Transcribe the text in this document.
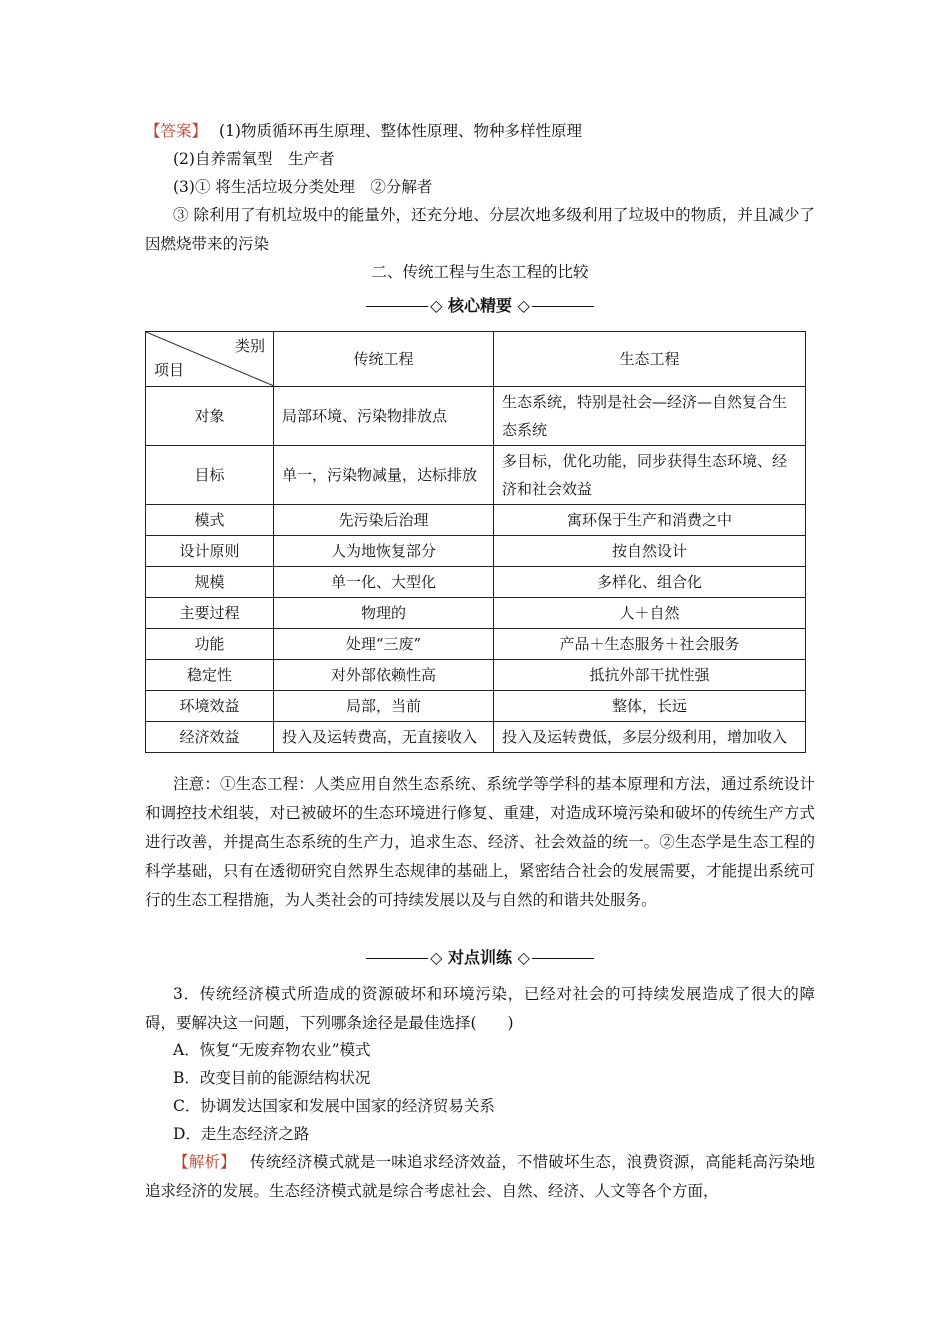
【答案】 (1)物质循环再生原理、整体性原理、物种多样性原理
(2)自养需氧型　生产者
(3)① 将生活垃圾分类处理　②分解者
③ 除利用了有机垃圾中的能量外，还充分地、分层次地多级利用了垃圾中的物质，并且减少了因燃烧带来的污染
二、传统工程与生态工程的比较
◇ 核心精要 ◇
类别
项目	传统工程	生态工程
对象	局部环境、污染物排放点	生态系统，特别是社会—经济—自然复合生态系统
目标	单一，污染物减量，达标排放	多目标，优化功能，同步获得生态环境、经济和社会效益
模式	先污染后治理	寓环保于生产和消费之中
设计原则	人为地恢复部分	按自然设计
规模	单一化、大型化	多样化、组合化
主要过程	物理的	人＋自然
功能	处理“三废”	产品＋生态服务＋社会服务
稳定性	对外部依赖性高	抵抗外部干扰性强
环境效益	局部，当前	整体，长远
经济效益	投入及运转费高，无直接收入	投入及运转费低，多层分级利用，增加收入
注意：①生态工程：人类应用自然生态系统、系统学等学科的基本原理和方法，通过系统设计和调控技术组装，对已被破坏的生态环境进行修复、重建，对造成环境污染和破坏的传统生产方式进行改善，并提高生态系统的生产力，追求生态、经济、社会效益的统一。②生态学是生态工程的科学基础，只有在透彻研究自然界生态规律的基础上，紧密结合社会的发展需要，才能提出系统可行的生态工程措施，为人类社会的可持续发展以及与自然的和谐共处服务。
◇ 对点训练 ◇
3．传统经济模式所造成的资源破坏和环境污染，已经对社会的可持续发展造成了很大的障碍，要解决这一问题，下列哪条途径是最佳选择(　　)
A．恢复“无废弃物农业”模式
B．改变目前的能源结构状况
C．协调发达国家和发展中国家的经济贸易关系
D．走生态经济之路
【解析】 传统经济模式就是一味追求经济效益，不惜破坏生态，浪费资源，高能耗高污染地追求经济的发展。生态经济模式就是综合考虑社会、自然、经济、人文等各个方面，
